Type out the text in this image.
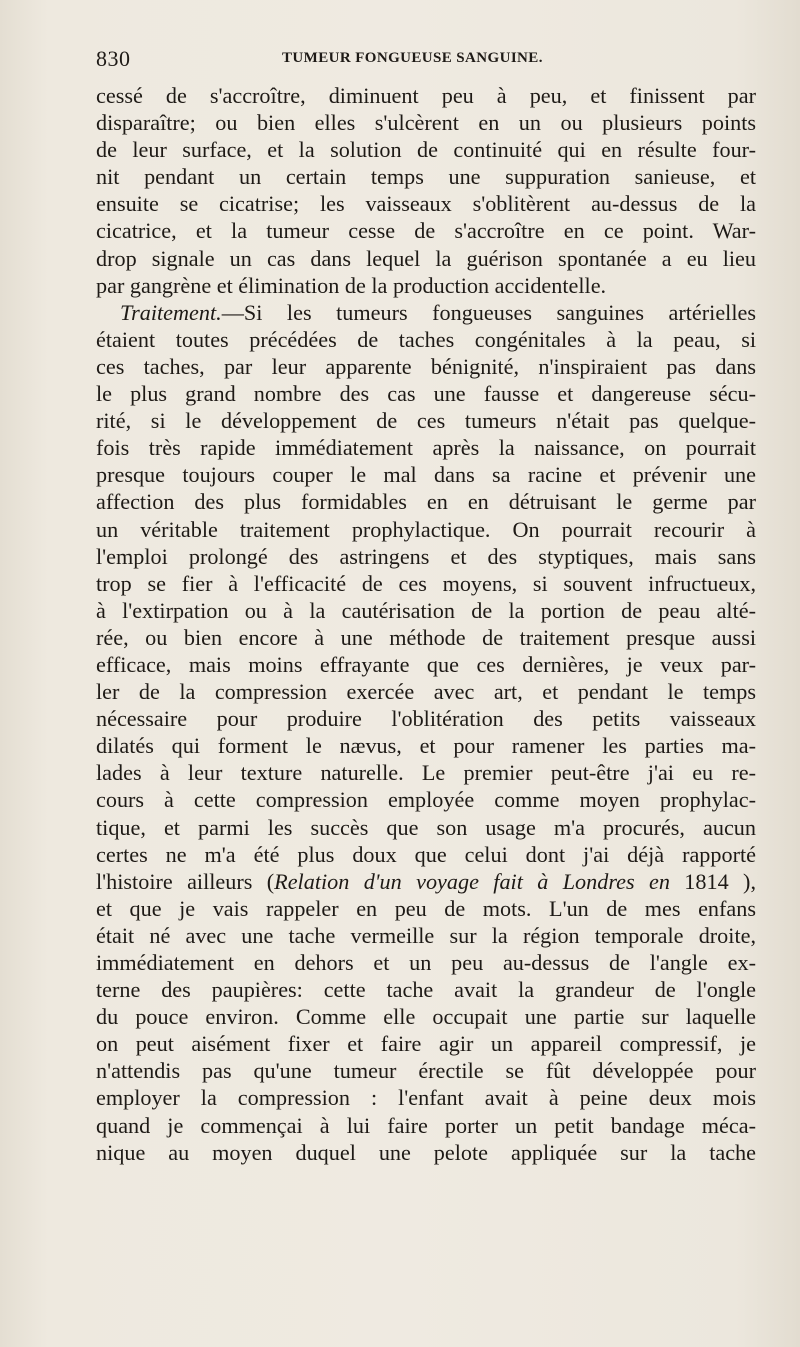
830	TUMEUR FONGUEUSE SANGUINE.
cessé de s'accroître, diminuent peu à peu, et finissent par
disparaître; ou bien elles s'ulcèrent en un ou plusieurs points
de leur surface, et la solution de continuité qui en résulte four-
nit pendant un certain temps une suppuration sanieuse, et
ensuite se cicatrise; les vaisseaux s'oblitèrent au-dessus de la
cicatrice, et la tumeur cesse de s'accroître en ce point. War-
drop signale un cas dans lequel la guérison spontanée a eu lieu
par gangrène et élimination de la production accidentelle.
Traitement.—Si les tumeurs fongueuses sanguines artérielles
étaient toutes précédées de taches congénitales à la peau, si
ces taches, par leur apparente bénignité, n'inspiraient pas dans
le plus grand nombre des cas une fausse et dangereuse sécu-
rité, si le développement de ces tumeurs n'était pas quelque-
fois très rapide immédiatement après la naissance, on pourrait
presque toujours couper le mal dans sa racine et prévenir une
affection des plus formidables en en détruisant le germe par
un véritable traitement prophylactique. On pourrait recourir à
l'emploi prolongé des astringens et des styptiques, mais sans
trop se fier à l'efficacité de ces moyens, si souvent infructueux,
à l'extirpation ou à la cautérisation de la portion de peau alté-
rée, ou bien encore à une méthode de traitement presque aussi
efficace, mais moins effrayante que ces dernières, je veux par-
ler de la compression exercée avec art, et pendant le temps
nécessaire pour produire l'oblitération des petits vaisseaux
dilatés qui forment le nævus, et pour ramener les parties ma-
lades à leur texture naturelle. Le premier peut-être j'ai eu re-
cours à cette compression employée comme moyen prophylac-
tique, et parmi les succès que son usage m'a procurés, aucun
certes ne m'a été plus doux que celui dont j'ai déjà rapporté
l'histoire ailleurs (Relation d'un voyage fait à Londres en 1814 ),
et que je vais rappeler en peu de mots. L'un de mes enfans
était né avec une tache vermeille sur la région temporale droite,
immédiatement en dehors et un peu au-dessus de l'angle ex-
terne des paupières: cette tache avait la grandeur de l'ongle
du pouce environ. Comme elle occupait une partie sur laquelle
on peut aisément fixer et faire agir un appareil compressif, je
n'attendis pas qu'une tumeur érectile se fût développée pour
employer la compression : l'enfant avait à peine deux mois
quand je commençai à lui faire porter un petit bandage méca-
nique au moyen duquel une pelote appliquée sur la tache
